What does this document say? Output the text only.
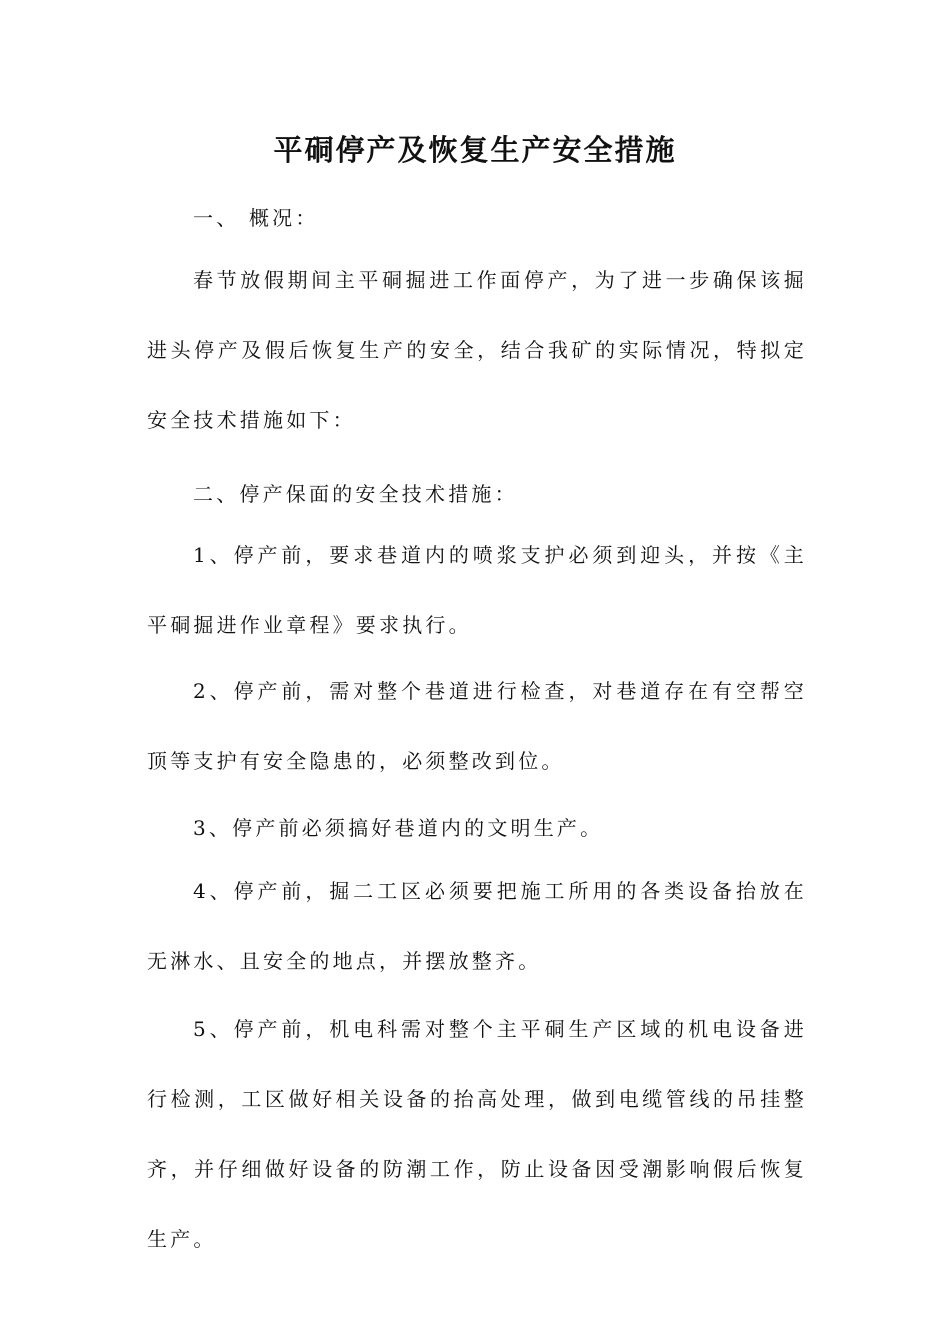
平硐停产及恢复生产安全措施

一、 概况：

春节放假期间主平硐掘进工作面停产，为了进一步确保该掘进头停产及假后恢复生产的安全，结合我矿的实际情况，特拟定安全技术措施如下：

二、停产保面的安全技术措施：

1、停产前，要求巷道内的喷浆支护必须到迎头，并按《主平硐掘进作业章程》要求执行。

2、停产前，需对整个巷道进行检查，对巷道存在有空帮空顶等支护有安全隐患的，必须整改到位。

3、停产前必须搞好巷道内的文明生产。

4、停产前，掘二工区必须要把施工所用的各类设备抬放在无淋水、且安全的地点，并摆放整齐。

5、停产前，机电科需对整个主平硐生产区域的机电设备进行检测，工区做好相关设备的抬高处理，做到电缆管线的吊挂整齐，并仔细做好设备的防潮工作，防止设备因受潮影响假后恢复生产。
